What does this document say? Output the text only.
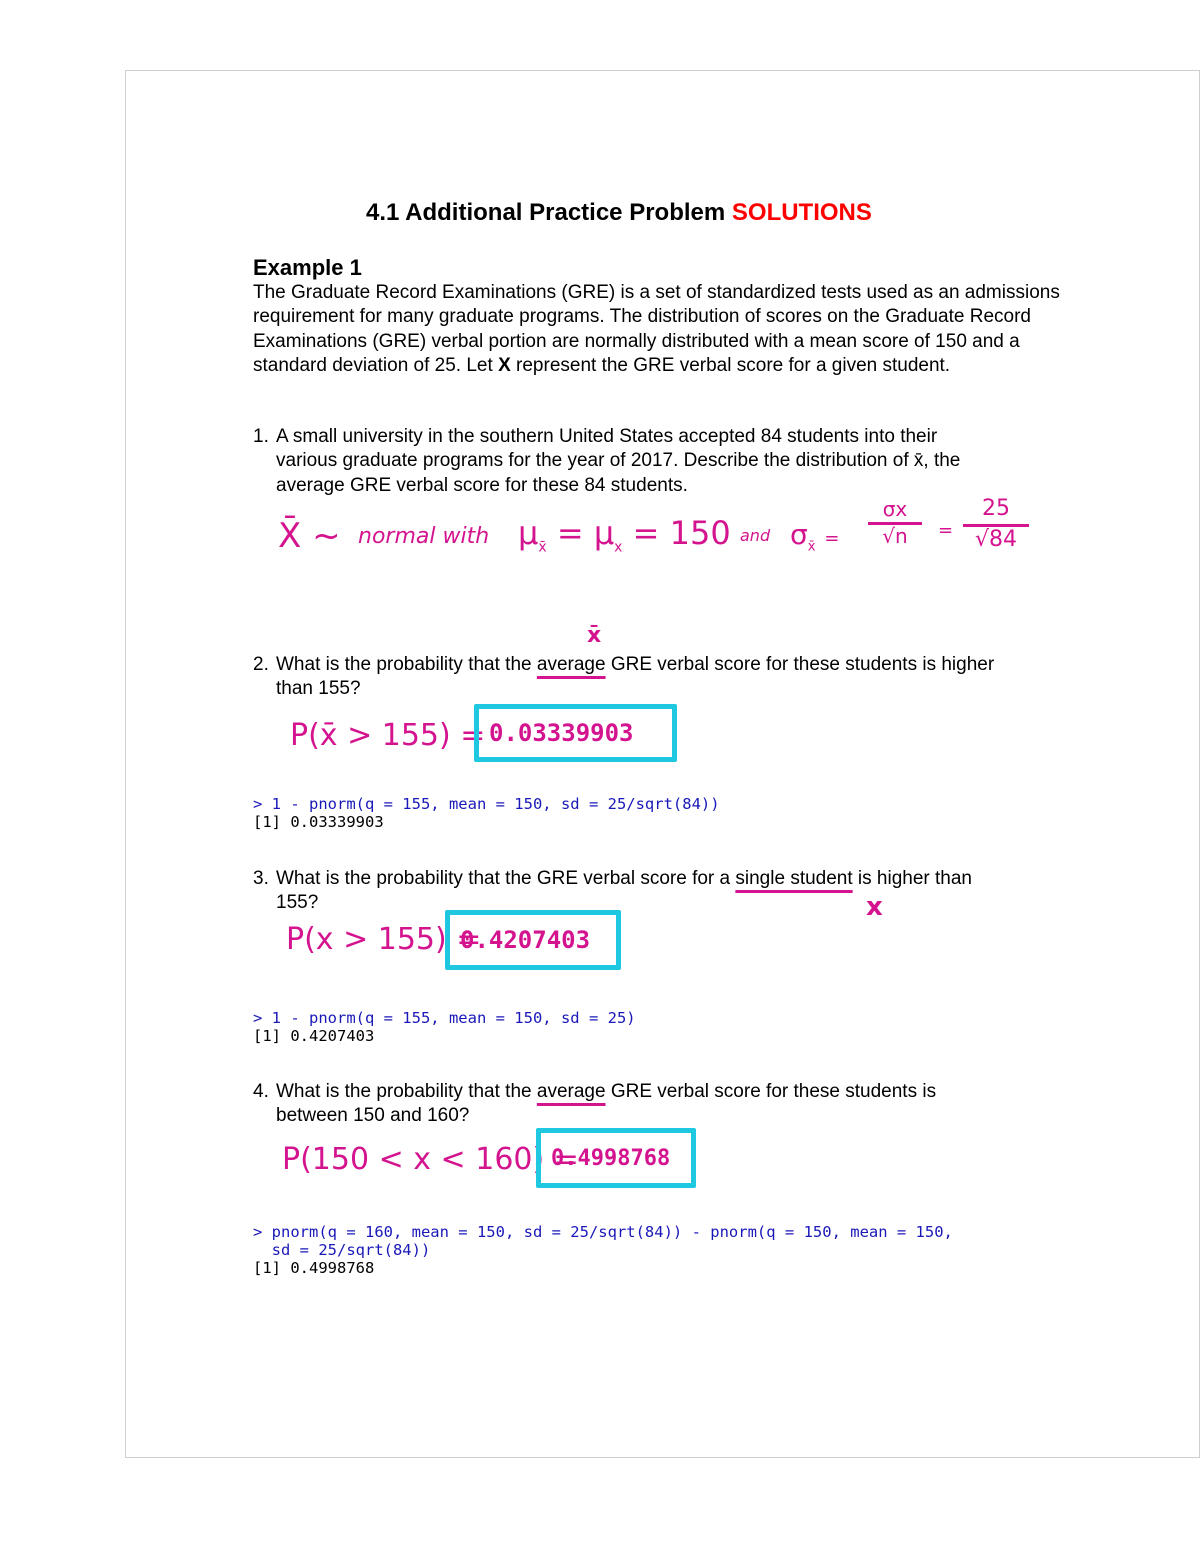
4.1 Additional Practice Problem SOLUTIONS
Example 1
The Graduate Record Examinations (GRE) is a set of standardized tests used as an admissions requirement for many graduate programs. The distribution of scores on the Graduate Record Examinations (GRE) verbal portion are normally distributed with a mean score of 150 and a standard deviation of 25. Let X represent the GRE verbal score for a given student.
1. A small university in the southern United States accepted 84 students into their
various graduate programs for the year of 2017. Describe the distribution of x̄, the
average GRE verbal score for these 84 students.
X̄ ~ normal with $\mu_{x̄} = \mu_x = 150$ and $\sigma_{x̄}$ =
σx
√n	=
25
√84
x̄
2. What is the probability that the average GRE verbal score for these students is higher
than 155?
P(x̄ > 155) = 0.03339903
> 1 - pnorm(q = 155, mean = 150, sd = 25/sqrt(84))
[1] 0.03339903
3. What is the probability that the GRE verbal score for a single student is higher than
155?	x
P(x > 155) =
0.4207403
> 1 - pnorm(q = 155, mean = 150, sd = 25)
[1] 0.4207403
4. What is the probability that the average GRE verbal score for these students is
between 150 and 160?
P(150 < x < 160) =
0.4998768
> pnorm(q = 160, mean = 150, sd = 25/sqrt(84)) - pnorm(q = 150, mean = 150,
sd = 25/sqrt(84))
[1] 0.4998768
